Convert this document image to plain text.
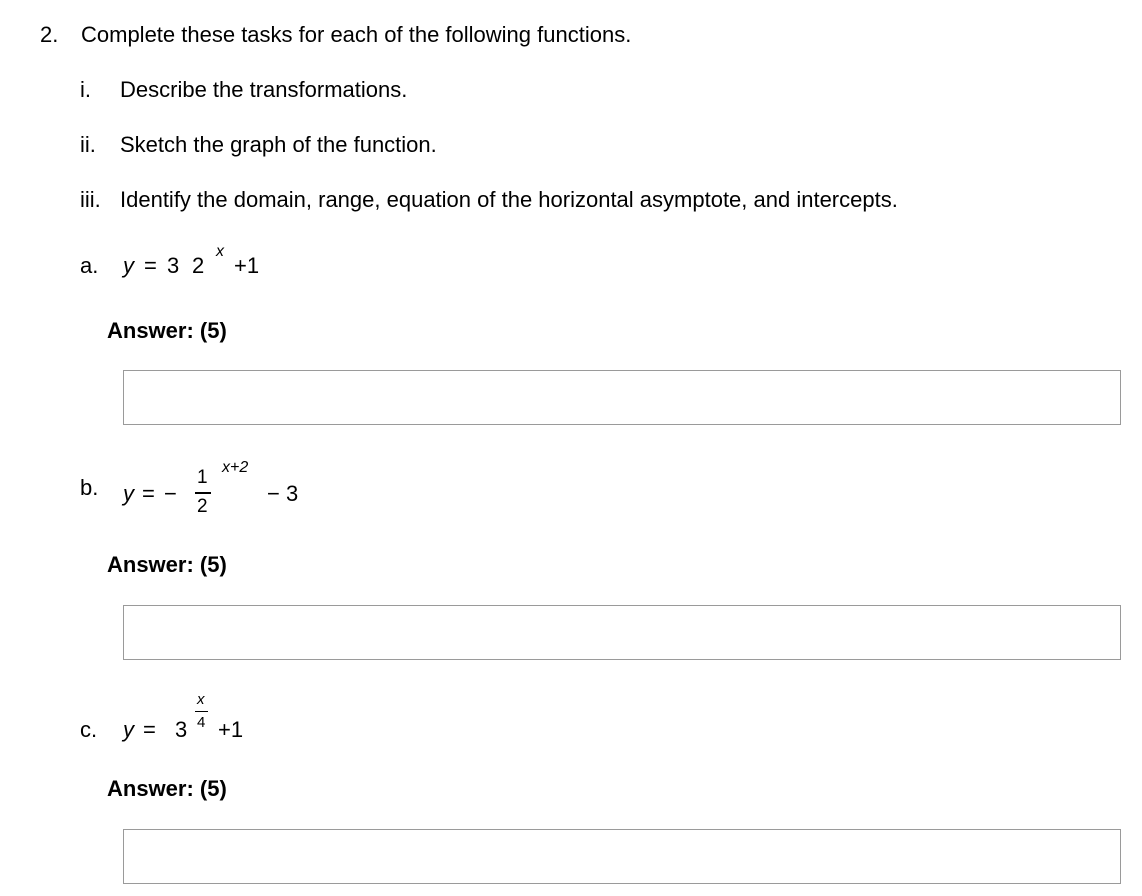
2. Complete these tasks for each of the following functions.
i. Describe the transformations.
ii. Sketch the graph of the function.
iii. Identify the domain, range, equation of the horizontal asymptote, and intercepts.
a. y = 3 2
x
+1
Answer: (5)
b. y = −
1
2
x+2
− 3
Answer: (5)
c. y = 3
x
4 +1
Answer: (5)
